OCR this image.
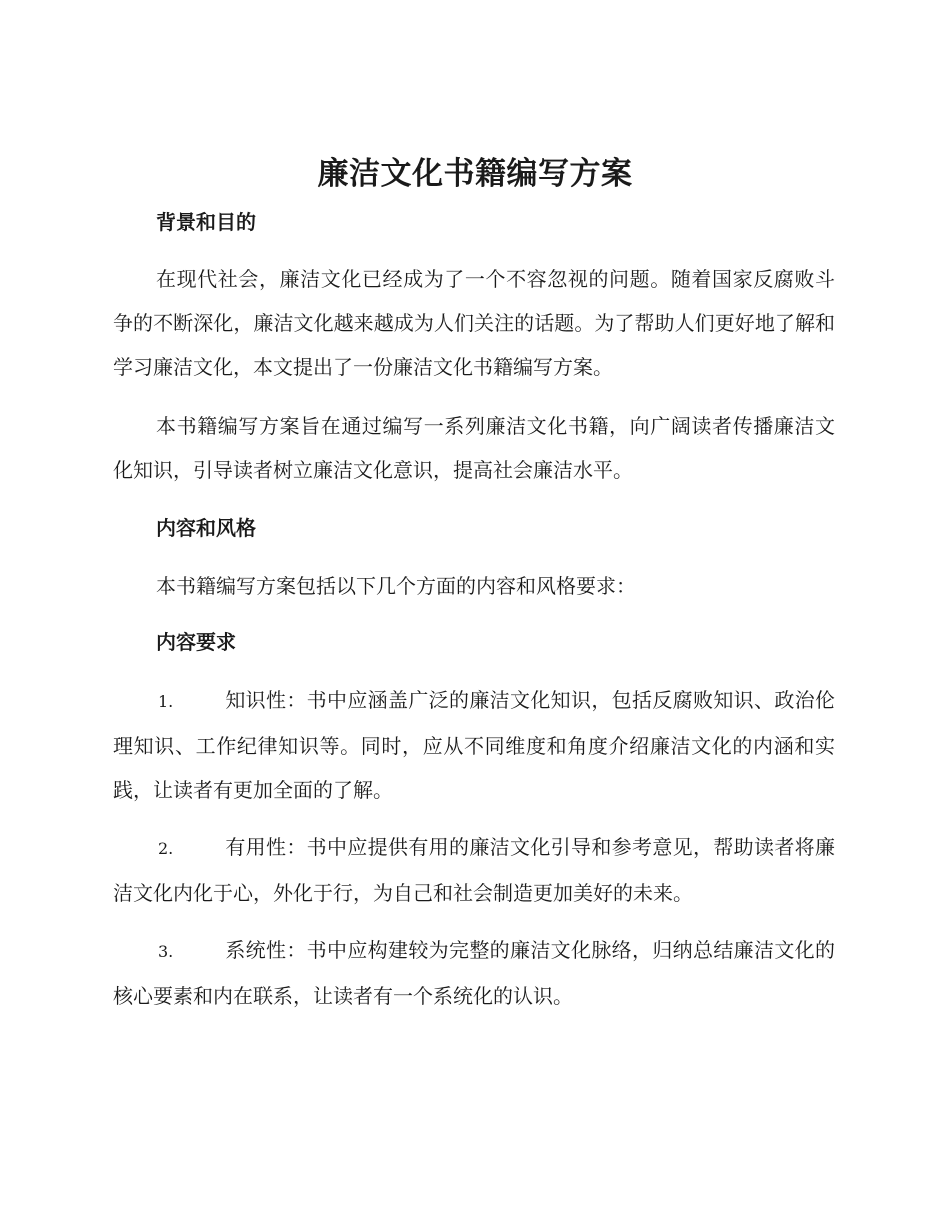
廉洁文化书籍编写方案
背景和目的

在现代社会，廉洁文化已经成为了一个不容忽视的问题。随着国家反腐败斗争的不断深化，廉洁文化越来越成为人们关注的话题。为了帮助人们更好地了解和学习廉洁文化，本文提出了一份廉洁文化书籍编写方案。

本书籍编写方案旨在通过编写一系列廉洁文化书籍，向广阔读者传播廉洁文化知识，引导读者树立廉洁文化意识，提高社会廉洁水平。

内容和风格

本书籍编写方案包括以下几个方面的内容和风格要求：

内容要求

1.	知识性：书中应涵盖广泛的廉洁文化知识，包括反腐败知识、政治伦理知识、工作纪律知识等。同时，应从不同维度和角度介绍廉洁文化的内涵和实践，让读者有更加全面的了解。

2.	有用性：书中应提供有用的廉洁文化引导和参考意见，帮助读者将廉洁文化内化于心，外化于行，为自己和社会制造更加美好的未来。

3.	系统性：书中应构建较为完整的廉洁文化脉络，归纳总结廉洁文化的核心要素和内在联系，让读者有一个系统化的认识。
